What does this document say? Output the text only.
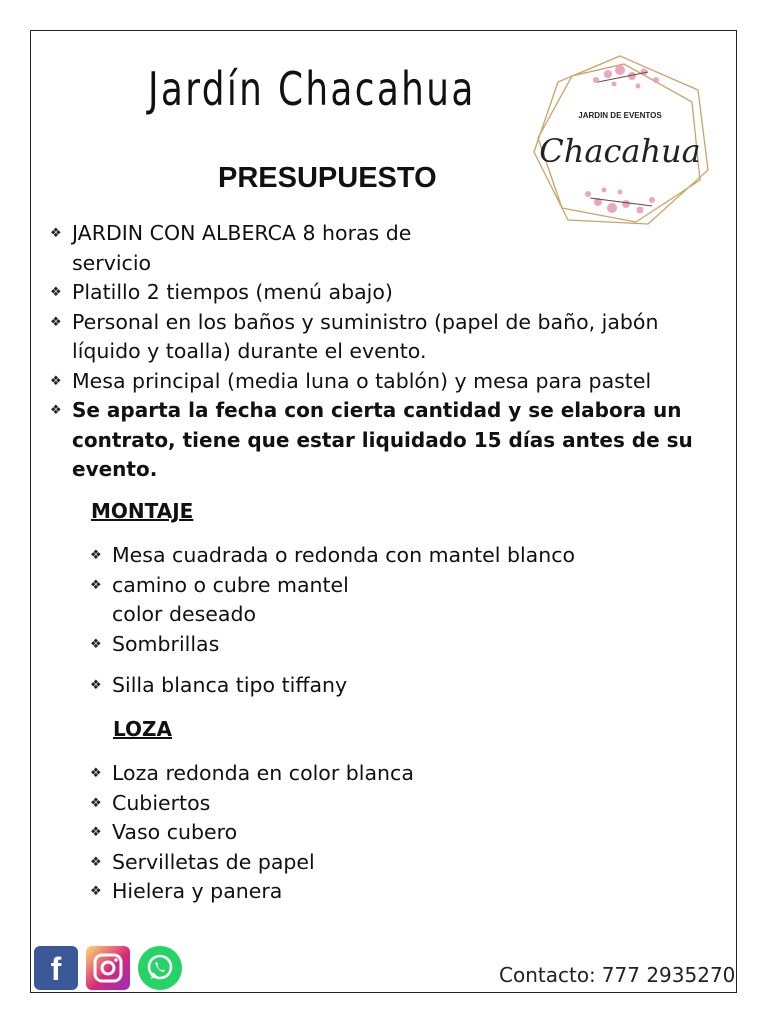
Jardín Chacahua
PRESUPUESTO
JARDIN DE EVENTOS
Chacahua
❖ JARDIN CON ALBERCA 8 horas de
servicio
❖ Platillo 2 tiempos (menú abajo)
❖ Personal en los baños y suministro (papel de baño, jabón
líquido y toalla) durante el evento.
❖ Mesa principal (media luna o tablón) y mesa para pastel
❖ Se aparta la fecha con cierta cantidad y se elabora un
contrato, tiene que estar liquidado 15 días antes de su
evento.
MONTAJE
❖ Mesa cuadrada o redonda con mantel blanco
❖ camino o cubre mantel
color deseado
❖ Sombrillas
❖ Silla blanca tipo tiffany
LOZA
❖ Loza redonda en color blanca
❖ Cubiertos
❖ Vaso cubero
❖ Servilletas de papel
❖ Hielera y panera
f	Contacto: 777 2935270
